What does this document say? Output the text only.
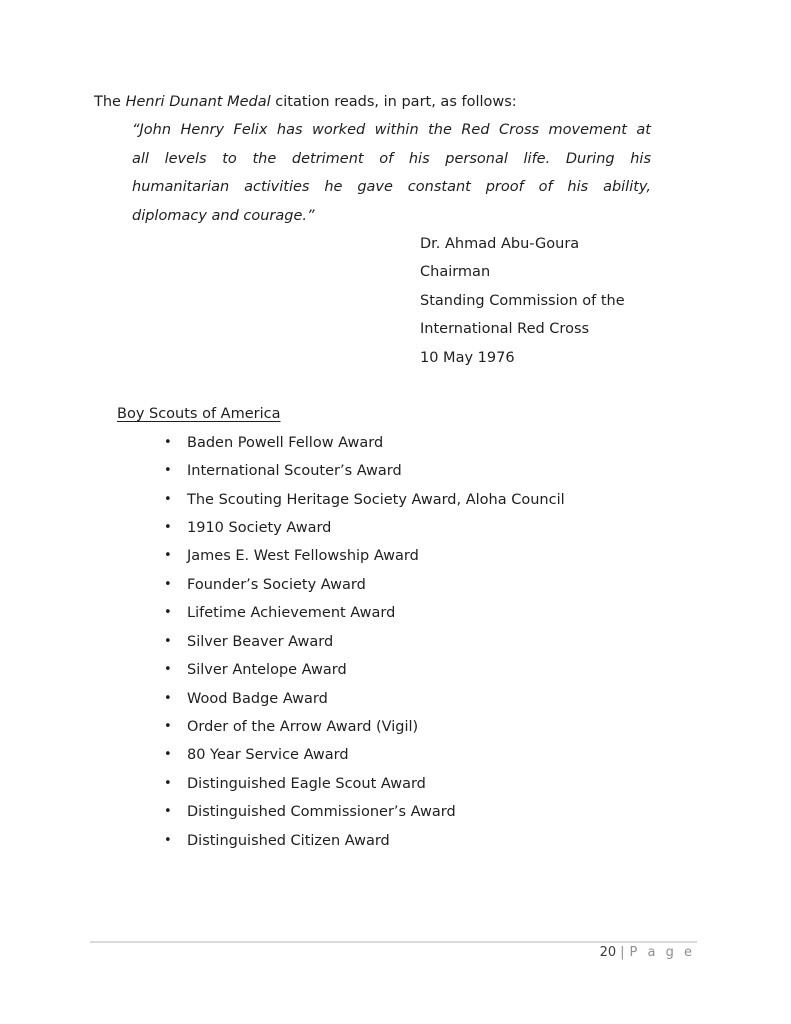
The Henri Dunant Medal citation reads, in part, as follows:
“John Henry Felix has worked within the Red Cross movement at
all levels to the detriment of his personal life. During his
humanitarian activities he gave constant proof of his ability,
diplomacy and courage.”
Dr. Ahmad Abu-Goura
Chairman
Standing Commission of the
International Red Cross
10 May 1976
Boy Scouts of America
• Baden Powell Fellow Award
• International Scouter’s Award
• The Scouting Heritage Society Award, Aloha Council
• 1910 Society Award
• James E. West Fellowship Award
• Founder’s Society Award
• Lifetime Achievement Award
• Silver Beaver Award
• Silver Antelope Award
• Wood Badge Award
• Order of the Arrow Award (Vigil)
• 80 Year Service Award
• Distinguished Eagle Scout Award
• Distinguished Commissioner’s Award
• Distinguished Citizen Award
20 | P a g e
